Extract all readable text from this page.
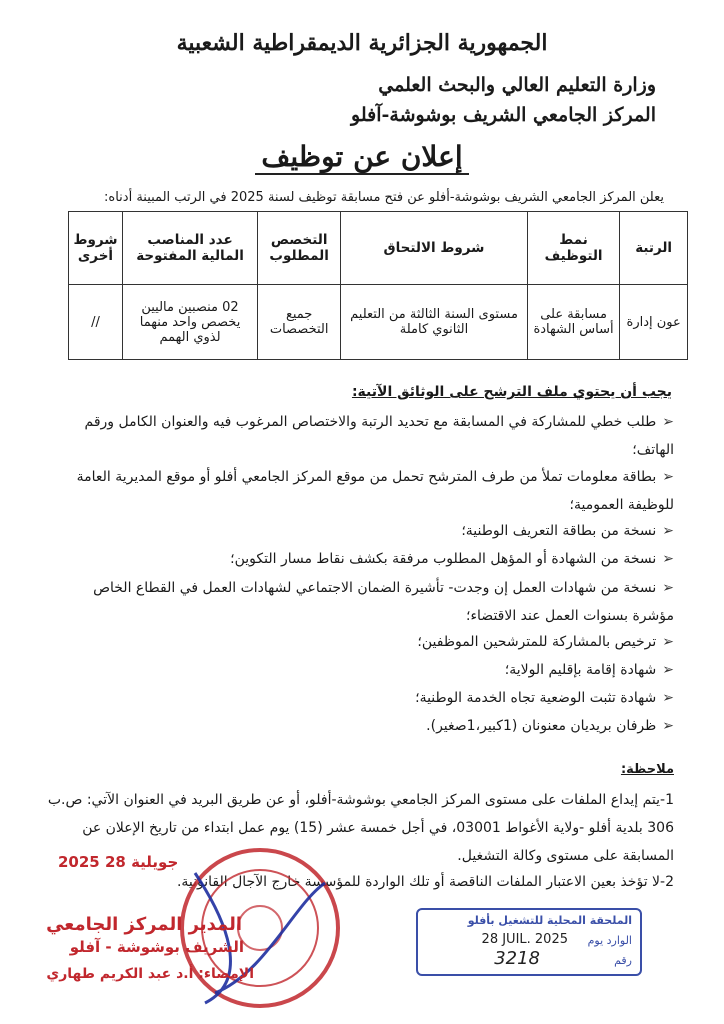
الجمهورية الجزائرية الديمقراطية الشعبية
وزارة التعليم العالي والبحث العلمي
المركز الجامعي الشريف بوشوشة-آفلو
إعلان عن توظيف
يعلن المركز الجامعي الشريف بوشوشة-أفلو عن فتح مسابقة توظيف لسنة 2025 في الرتب المبينة أدناه:
الرتبة	نمط التوظيف	شروط الالتحاق	التخصص المطلوب	عدد المناصب المالية المفتوحة	شروط أخرى
عون إدارة	مسابقة على أساس الشهادة	مستوى السنة الثالثة من التعليم الثانوي كاملة	جميع التخصصات	02 منصبين ماليين يخصص واحد منهما لذوي الهمم	//
يجب أن يحتوي ملف الترشح على الوثائق الآتية:
➢طلب خطي للمشاركة في المسابقة مع تحديد الرتبة والاختصاص المرغوب فيه والعنوان الكامل ورقم الهاتف؛
➢بطاقة معلومات تملأ من طرف المترشح تحمل من موقع المركز الجامعي أفلو أو موقع المديرية العامة للوظيفة العمومية؛
➢نسخة من بطاقة التعريف الوطنية؛
➢نسخة من الشهادة أو المؤهل المطلوب مرفقة بكشف نقاط مسار التكوين؛
➢نسخة من شهادات العمل إن وجدت- تأشيرة الضمان الاجتماعي لشهادات العمل في القطاع الخاص مؤشرة بسنوات العمل عند الاقتضاء؛
➢ترخيص بالمشاركة للمترشحين الموظفين؛
➢شهادة إقامة بإقليم الولاية؛
➢شهادة تثبت الوضعية تجاه الخدمة الوطنية؛
➢ظرفان بريديان معنونان (1كبير،1صغير).
ملاحظة:
1-يتم إيداع الملفات على مستوى المركز الجامعي بوشوشة-أفلو، أو عن طريق البريد في العنوان الآتي: ص.ب 306 بلدية أفلو -ولاية الأغواط 03001، في أجل خمسة عشر (15) يوم عمل ابتداء من تاريخ الإعلان عن المسابقة على مستوى وكالة التشغيل.
2-لا تؤخذ بعين الاعتبار الملفات الناقصة أو تلك الواردة للمؤسسة خارج الآجال القانونية.
2025 جويلية 28
المدير المركز الجامعي
الشريف بوشوشة - آفلو
الإمضاء: أ.د عبد الكريم طهاري
الملحقة المحلية للتشغيل بأفلو
الوارد يوم
28 JUIL. 2025
رقم
3218
